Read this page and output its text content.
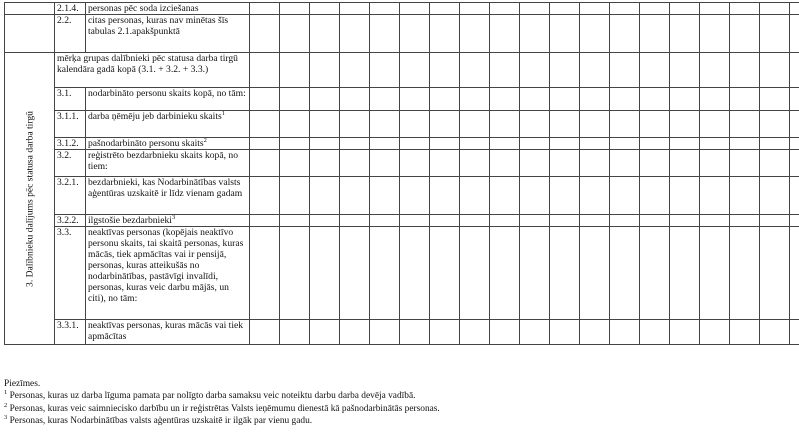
	2.1.4.	personas pēc soda izciešanas																			
	2.2.	citas personas, kuras nav minētas šīs tabulas 2.1.apakšpunktā																			

3. Dalībnieku dalījums pēc statusa darba tirgū	mērķa grupas dalībnieki pēc statusa darba tirgū kalendāra gadā kopā (3.1. + 3.2. + 3.3.)																				
	3.1.	nodarbināto personu skaits kopā, no tām:																			
	3.1.1.	darba ņēmēju jeb darbinieku skaits$^1$																			
	3.1.2.	pašnodarbināto personu skaits$^2$																			
	3.2.	reģistrēto bezdarbnieku skaits kopā, no tiem:																			
	3.2.1.	bezdarbnieki, kas Nodarbinātības valsts aģentūras uzskaitē ir līdz vienam gadam																			
	3.2.2.	ilgstošie bezdarbnieki$^3$																			
	3.3.	neaktīvas personas (kopējais neaktīvo personu skaits, tai skaitā personas, kuras mācās, tiek apmācītas vai ir pensijā, personas, kuras atteikušās no nodarbinātības, pastāvīgi invalīdi, personas, kuras veic darbu mājās, un citi), no tām:																			
	3.3.1.	neaktīvas personas, kuras mācās vai tiek apmācītas																			
Piezīmes.
$^1$ Personas, kuras uz darba līguma pamata par nolīgto darba samaksu veic noteiktu darbu darba devēja vadībā.
$^2$ Personas, kuras veic saimniecisko darbību un ir reģistrētas Valsts ieņēmumu dienestā kā pašnodarbinātās personas.
$^3$ Personas, kuras Nodarbinātības valsts aģentūras uzskaitē ir ilgāk par vienu gadu.
